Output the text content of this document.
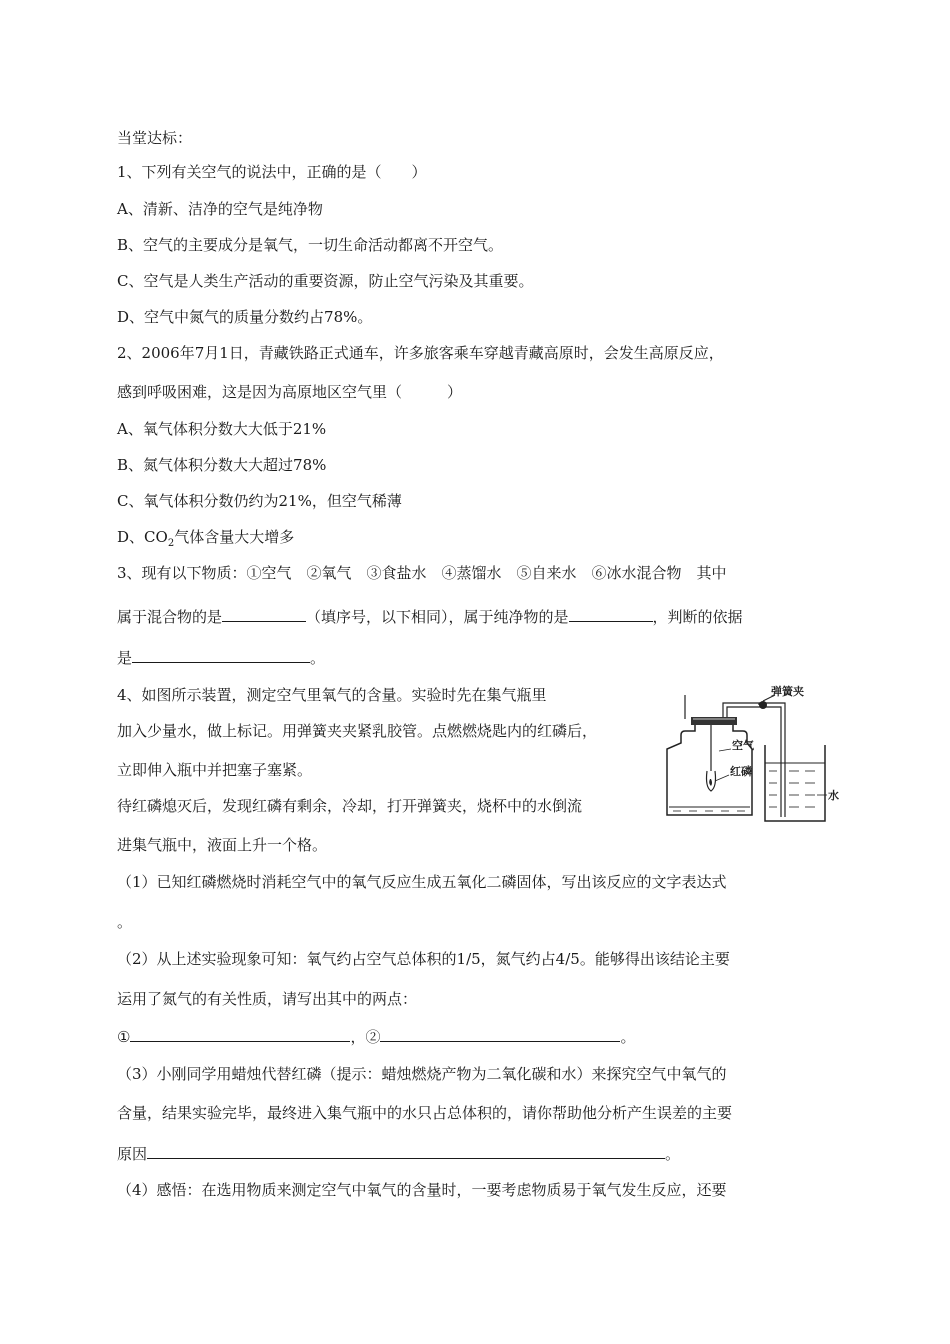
当堂达标：
1、下列有关空气的说法中，正确的是（　　）
A、清新、洁净的空气是纯净物
B、空气的主要成分是氧气，一切生命活动都离不开空气。
C、空气是人类生产活动的重要资源，防止空气污染及其重要。
D、空气中氮气的质量分数约占78%。
2、2006年7月1日，青藏铁路正式通车，许多旅客乘车穿越青藏高原时，会发生高原反应，
感到呼吸困难，这是因为高原地区空气里（　　　）
A、氧气体积分数大大低于21%
B、氮气体积分数大大超过78%
C、氧气体积分数仍约为21%，但空气稀薄
D、$CO_2$气体含量大大增多
3、现有以下物质：①空气　②氧气　③食盐水　④蒸馏水　⑤自来水　⑥冰水混合物　其中
属于混合物的是	（填序号，以下相同），属于纯净物的是	，判断的依据
是	。
4、如图所示装置，测定空气里氧气的含量。实验时先在集气瓶里
加入少量水，做上标记。用弹簧夹夹紧乳胶管。点燃燃烧匙内的红磷后，
立即伸入瓶中并把塞子塞紧。
待红磷熄灭后，发现红磷有剩余，冷却，打开弹簧夹，烧杯中的水倒流
进集气瓶中，液面上升一个格。
（1）已知红磷燃烧时消耗空气中的氧气反应生成五氧化二磷固体，写出该反应的文字表达式
。
（2）从上述实验现象可知：氧气约占空气总体积的1/5，氮气约占4/5。能够得出该结论主要
运用了氮气的有关性质，请写出其中的两点：
①	，②	。
（3）小刚同学用蜡烛代替红磷（提示：蜡烛燃烧产物为二氧化碳和水）来探究空气中氧气的
含量，结果实验完毕，最终进入集气瓶中的水只占总体积的，请你帮助他分析产生误差的主要
原因	。
（4）感悟：在选用物质来测定空气中氧气的含量时，一要考虑物质易于氧气发生反应，还要
弹簧夹
空气
红磷
水
